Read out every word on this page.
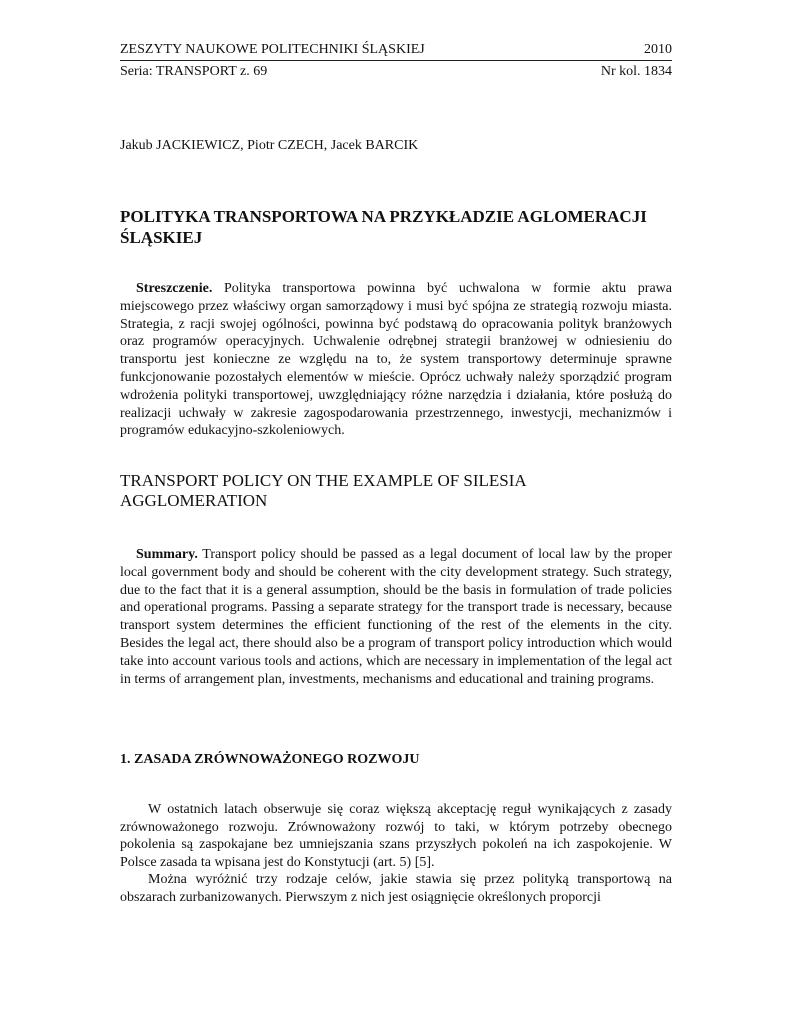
ZESZYTY NAUKOWE POLITECHNIKI ŚLĄSKIEJ	2010
Seria: TRANSPORT z. 69	Nr kol. 1834
Jakub JACKIEWICZ, Piotr CZECH, Jacek BARCIK
POLITYKA TRANSPORTOWA NA PRZYKŁADZIE AGLOMERACJI ŚLĄSKIEJ

Streszczenie. Polityka transportowa powinna być uchwalona w formie aktu prawa miejscowego przez właściwy organ samorządowy i musi być spójna ze strategią rozwoju miasta. Strategia, z racji swojej ogólności, powinna być podstawą do opracowania polityk branżowych oraz programów operacyjnych. Uchwalenie odrębnej strategii branżowej w odniesieniu do transportu jest konieczne ze względu na to, że system transportowy determinuje sprawne funkcjonowanie pozostałych elementów w mieście. Oprócz uchwały należy sporządzić program wdrożenia polityki transportowej, uwzględniający różne narzędzia i działania, które posłużą do realizacji uchwały w zakresie zagospodarowania przestrzennego, inwestycji, mechanizmów i programów edukacyjno-szkoleniowych.

TRANSPORT POLICY ON THE EXAMPLE OF SILESIA AGGLOMERATION

Summary. Transport policy should be passed as a legal document of local law by the proper local government body and should be coherent with the city development strategy. Such strategy, due to the fact that it is a general assumption, should be the basis in formulation of trade policies and operational programs. Passing a separate strategy for the transport trade is necessary, because transport system determines the efficient functioning of the rest of the elements in the city. Besides the legal act, there should also be a program of transport policy introduction which would take into account various tools and actions, which are necessary in implementation of the legal act in terms of arrangement plan, investments, mechanisms and educational and training programs.

1. ZASADA ZRÓWNOWAŻONEGO ROZWOJU

W ostatnich latach obserwuje się coraz większą akceptację reguł wynikających z zasady zrównoważonego rozwoju. Zrównoważony rozwój to taki, w którym potrzeby obecnego pokolenia są zaspokajane bez umniejszania szans przyszłych pokoleń na ich zaspokojenie. W Polsce zasada ta wpisana jest do Konstytucji (art. 5) [5].

Można wyróżnić trzy rodzaje celów, jakie stawia się przez polityką transportową na obszarach zurbanizowanych. Pierwszym z nich jest osiągnięcie określonych proporcji
